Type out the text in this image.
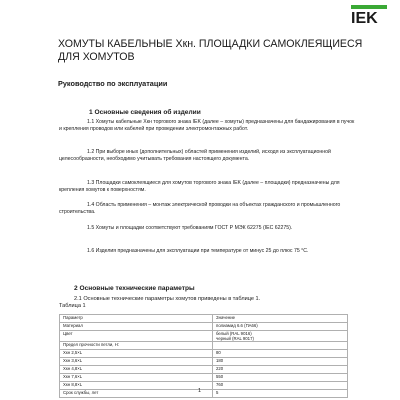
IEK
ХОМУТЫ КАБЕЛЬНЫЕ Хкн. ПЛОЩАДКИ САМОКЛЕЯЩИЕСЯ ДЛЯ ХОМУТОВ
Руководство по эксплуатации
1 Основные сведения об изделии
1.1 Хомуты кабельные Хкн торгового знака IEK (далее – хомуты) предназначены для бандажирования в пучок и крепления проводов или кабелей при проведении электромонтажных работ.
1.2 При выборе иных (дополнительных) областей применения изделий, исходя из эксплуатационной целесообразности, необходимо учитывать требования настоящего документа.
1.3 Площадки самоклеящиеся для хомутов торгового знака IEK (далее – площадки) предназначены для крепления хомутов к поверхностям.
1.4 Область применения – монтаж электрической проводки на объектах гражданского и промышленного строительства.
1.5 Хомуты и площадки соответствуют требованиям ГОСТ Р МЭК 62275 (IEC 62275).
1.6 Изделия предназначены для эксплуатации при температуре от минус 25 до плюс 75 °С.
2 Основные технические параметры
2.1 Основные технические параметры хомутов приведены в таблице 1.
Таблица 1
Параметр	Значение
Материал	полиамид 6.6 (ПА66)
Цвет	белый (RAL 9016)
черный (RAL 9017)
Предел прочности петли, Н:	
Хкн 2,5×L	80
Хкн 3,6×L	180
Хкн 4,8×L	220
Хкн 7,6×L	550
Хкн 8,8×L	760
Срок службы, лет	5
1
